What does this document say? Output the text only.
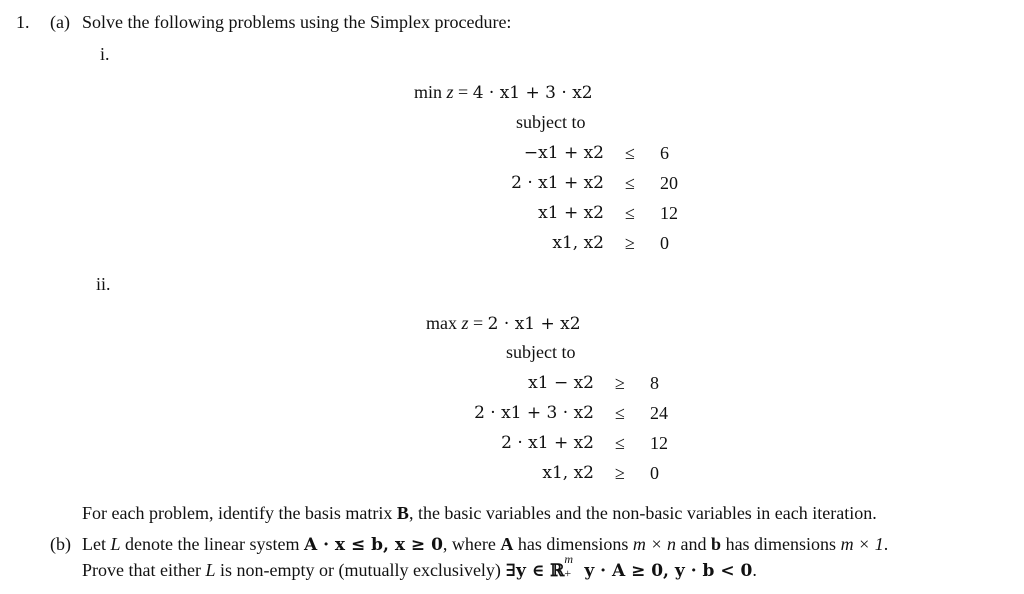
1. (a) Solve the following problems using the Simplex procedure:
i.
min z = 4 · x1 + 3 · x2
subject to
−x1 + x2	≤	6
2 · x1 + x2	≤	20
x1 + x2	≤	12
x1, x2	≥	0
ii.
max z = 2 · x1 + x2
subject to
x1 − x2	≥	8
2 · x1 + 3 · x2	≤	24
2 · x1 + x2	≤	12
x1, x2	≥	0
For each problem, identify the basis matrix B, the basic variables and the non-basic variables in each iteration.
(b) Let L denote the linear system A · x ≤ b, x ≥ 0, where A has dimensions m × n and b has dimensions m × 1.
Prove that either L is non-empty or (mutually exclusively) ∃y ∈ ℝ
m
+ y · A ≥ 0, y · b < 0.
